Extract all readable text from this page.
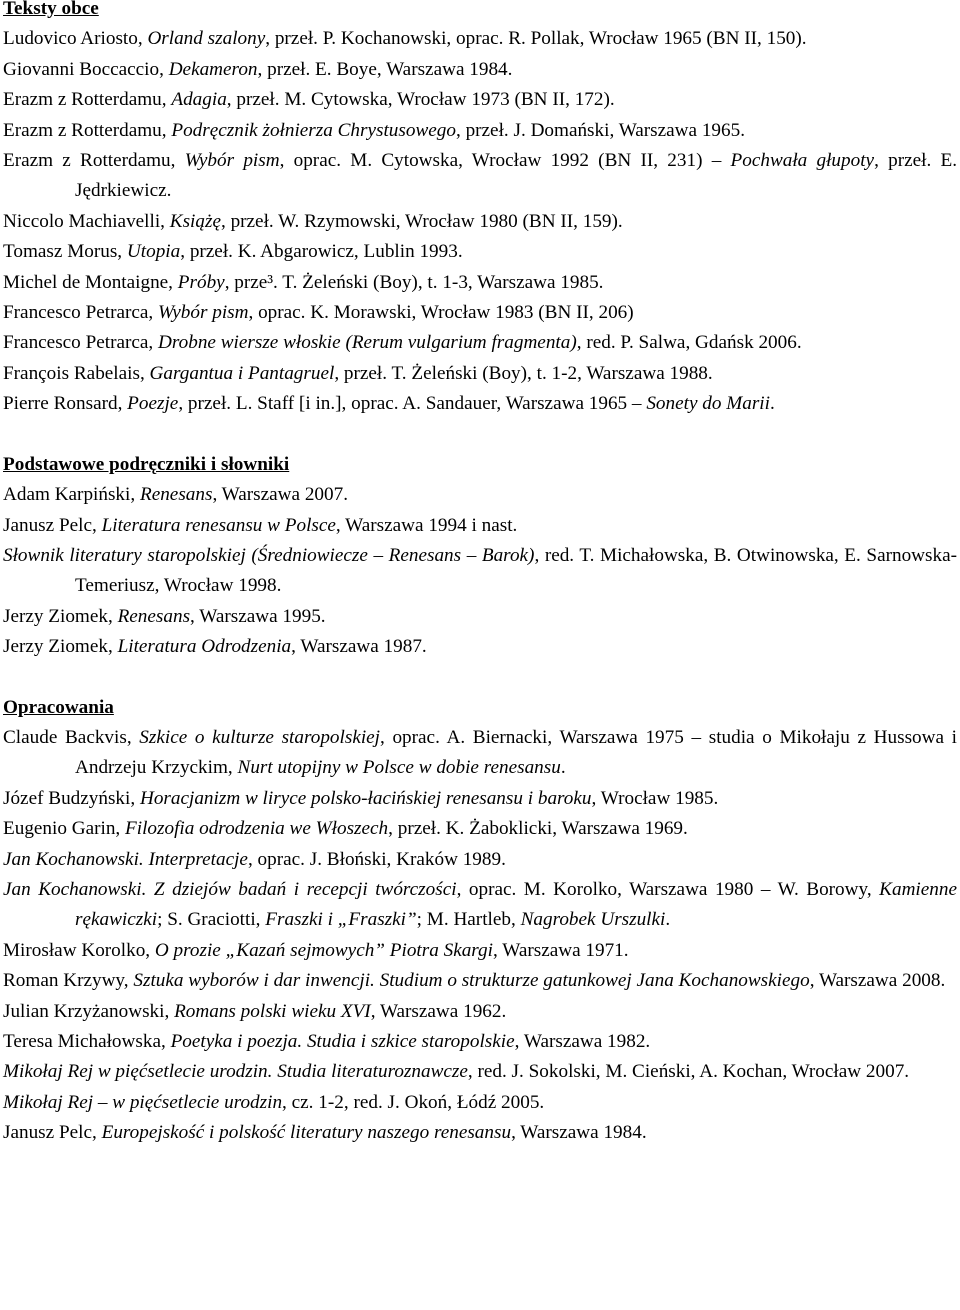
Teksty obce
Ludovico Ariosto, Orland szalony, przeł. P. Kochanowski, oprac. R. Pollak, Wrocław 1965 (BN II, 150).
Giovanni Boccaccio, Dekameron, przeł. E. Boye, Warszawa 1984.
Erazm z Rotterdamu, Adagia, przeł. M. Cytowska, Wrocław 1973 (BN II, 172).
Erazm z Rotterdamu, Podręcznik żołnierza Chrystusowego, przeł. J. Domański, Warszawa 1965.
Erazm z Rotterdamu, Wybór pism, oprac. M. Cytowska, Wrocław 1992 (BN II, 231) – Pochwała głupoty, przeł. E. Jędrkiewicz.
Niccolo Machiavelli, Książę, przeł. W. Rzymowski, Wrocław 1980 (BN II, 159).
Tomasz Morus, Utopia, przeł. K. Abgarowicz, Lublin 1993.
Michel de Montaigne, Próby, prze³. T. Żeleński (Boy), t. 1-3, Warszawa 1985.
Francesco Petrarca, Wybór pism, oprac. K. Morawski, Wrocław 1983 (BN II, 206)
Francesco Petrarca, Drobne wiersze włoskie (Rerum vulgarium fragmenta), red. P. Salwa, Gdańsk 2006.
François Rabelais, Gargantua i Pantagruel, przeł. T. Żeleński (Boy), t. 1-2, Warszawa 1988.
Pierre Ronsard, Poezje, przeł. L. Staff [i in.], oprac. A. Sandauer, Warszawa 1965 – Sonety do Marii.
Podstawowe podręczniki i słowniki
Adam Karpiński, Renesans, Warszawa 2007.
Janusz Pelc, Literatura renesansu w Polsce, Warszawa 1994 i nast.
Słownik literatury staropolskiej (Średniowiecze – Renesans – Barok), red. T. Michałowska, B. Otwinowska, E. Sarnowska-Temeriusz, Wrocław 1998.
Jerzy Ziomek, Renesans, Warszawa 1995.
Jerzy Ziomek, Literatura Odrodzenia, Warszawa 1987.
Opracowania
Claude Backvis, Szkice o kulturze staropolskiej, oprac. A. Biernacki, Warszawa 1975 – studia o Mikołaju z Hussowa i Andrzeju Krzyckim, Nurt utopijny w Polsce w dobie renesansu.
Józef Budzyński, Horacjanizm w liryce polsko-łacińskiej renesansu i baroku, Wrocław 1985.
Eugenio Garin, Filozofia odrodzenia we Włoszech, przeł. K. Żaboklicki, Warszawa 1969.
Jan Kochanowski. Interpretacje, oprac. J. Błoński, Kraków 1989.
Jan Kochanowski. Z dziejów badań i recepcji twórczości, oprac. M. Korolko, Warszawa 1980 – W. Borowy, Kamienne rękawiczki; S. Graciotti, Fraszki i „Fraszki”; M. Hartleb, Nagrobek Urszulki.
Mirosław Korolko, O prozie „Kazań sejmowych” Piotra Skargi, Warszawa 1971.
Roman Krzywy, Sztuka wyborów i dar inwencji. Studium o strukturze gatunkowej Jana Kochanowskiego, Warszawa 2008.
Julian Krzyżanowski, Romans polski wieku XVI, Warszawa 1962.
Teresa Michałowska, Poetyka i poezja. Studia i szkice staropolskie, Warszawa 1982.
Mikołaj Rej w pięćsetlecie urodzin. Studia literaturoznawcze, red. J. Sokolski, M. Cieński, A. Kochan, Wrocław 2007.
Mikołaj Rej – w pięćsetlecie urodzin, cz. 1-2, red. J. Okoń, Łódź 2005.
Janusz Pelc, Europejskość i polskość literatury naszego renesansu, Warszawa 1984.
